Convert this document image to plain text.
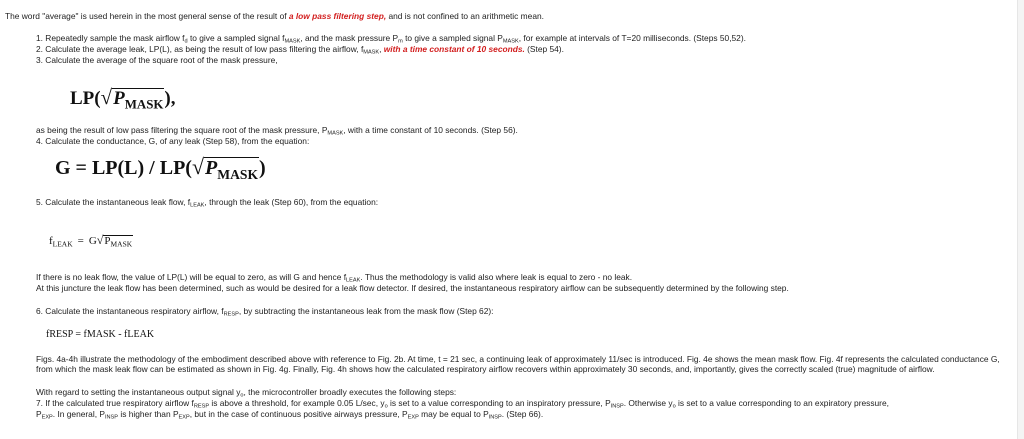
The word "average" is used herein in the most general sense of the result of a low pass filtering step, and is not confined to an arithmetic mean.
1. Repeatedly sample the mask airflow $f_d$ to give a sampled signal $f_{MASK}$, and the mask pressure $P_m$ to give a sampled signal $P_{MASK}$, for example at intervals of T=20 milliseconds. (Steps 50,52).
2. Calculate the average leak, LP(L), as being the result of low pass filtering the airflow, $f_{MASK}$, with a time constant of 10 seconds. (Step 54).
3. Calculate the average of the square root of the mask pressure,
$LP(√P_{MASK})$,
as being the result of low pass filtering the square root of the mask pressure, $P_{MASK}$, with a time constant of 10 seconds. (Step 56).
4. Calculate the conductance, G, of any leak (Step 58), from the equation:
$G = LP(L) / LP(√P_{MASK})$
5. Calculate the instantaneous leak flow, $f_{LEAK}$, through the leak (Step 60), from the equation:
$f_{LEAK} = G√P_{MASK}$
If there is no leak flow, the value of LP(L) will be equal to zero, as will G and hence $f_{LEAK}$. Thus the methodology is valid also where leak is equal to zero - no leak.
At this juncture the leak flow has been determined, such as would be desired for a leak flow detector. If desired, the instantaneous respiratory airflow can be subsequently determined by the following step.
6. Calculate the instantaneous respiratory airflow, $f_{RESP}$, by subtracting the instantaneous leak from the mask flow (Step 62):
fRESP = fMASK - fLEAK
Figs. 4a-4h illustrate the methodology of the embodiment described above with reference to Fig. 2b. At time, t = 21 sec, a continuing leak of approximately 11/sec is introduced. Fig. 4e shows the mean mask flow. Fig. 4f represents the calculated conductance G, from which the mask leak flow can be estimated as shown in Fig. 4g. Finally, Fig. 4h shows how the calculated respiratory airflow recovers within approximately 30 seconds, and, importantly, gives the correctly scaled (true) magnitude of airflow.
With regard to setting the instantaneous output signal $y_o$, the microcontroller broadly executes the following steps:
7. If the calculated true respiratory airflow $f_{RESP}$ is above a threshold, for example 0.05 L/sec, $y_o$ is set to a value corresponding to an inspiratory pressure, $P_{INSP}$. Otherwise $y_o$ is set to a value corresponding to an expiratory pressure,
$P_{EXP}$. In general, $P_{INSP}$ is higher than $P_{EXP}$, but in the case of continuous positive airways pressure, $P_{EXP}$ may be equal to $P_{INSP}$. (Step 66).
